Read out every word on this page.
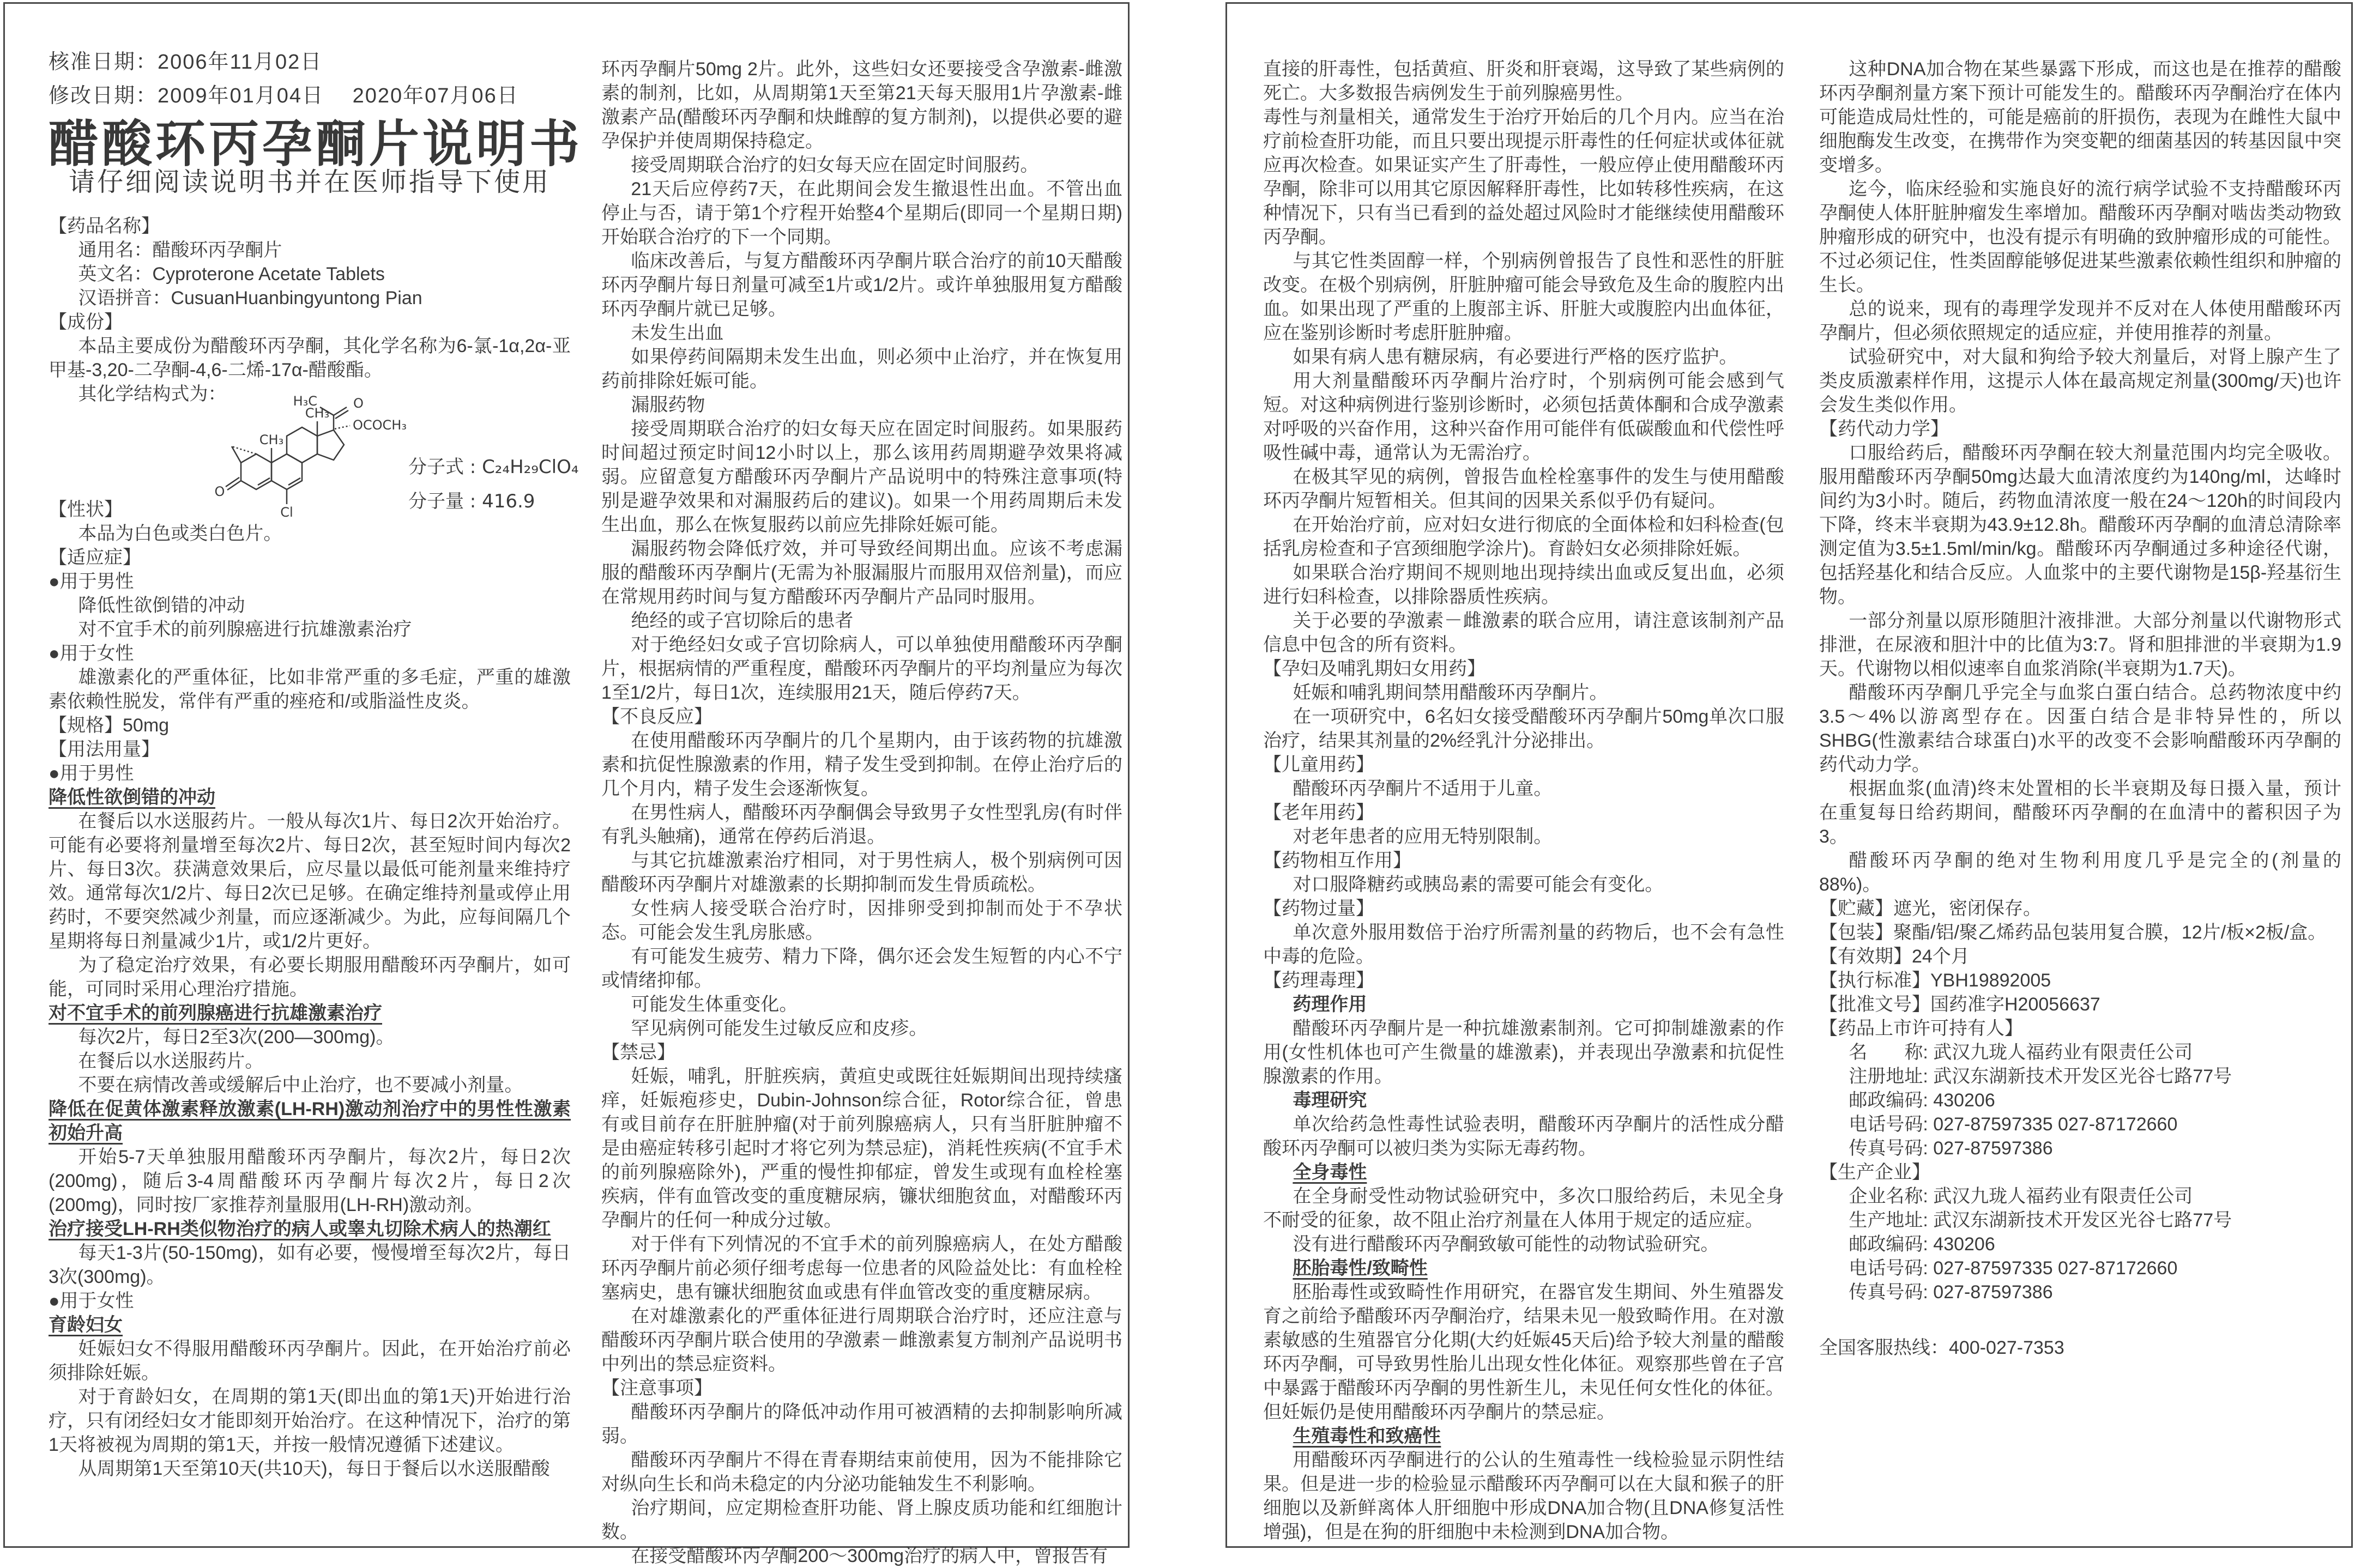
核准日期：2006年11月02日
修改日期：2009年01月04日　 2020年07月06日
醋酸环丙孕酮片说明书
请仔细阅读说明书并在医师指导下使用

【药品名称】

通用名：醋酸环丙孕酮片

英文名：Cyproterone Acetate Tablets

汉语拼音：CusuanHuanbingyuntong Pian

【成份】

本品主要成份为醋酸环丙孕酮，其化学名称为6-氯-1α,2α-亚甲基-3,20-二孕酮-4,6-二烯-17α-醋酸酯。

其化学结构式为：	H₃C
CH₃
CH₃
O
OCOCH₃
O
Cl
分子式 : C₂₄H₂₉ClO₄
分子量 : 416.9

【性状】

本品为白色或类白色片。

【适应症】

●用于男性

降低性欲倒错的冲动

对不宜手术的前列腺癌进行抗雄激素治疗

●用于女性

雄激素化的严重体征，比如非常严重的多毛症，严重的雄激素依赖性脱发，常伴有严重的痤疮和/或脂溢性皮炎。

【规格】50mg

【用法用量】

●用于男性

降低性欲倒错的冲动

在餐后以水送服药片。一般从每次1片、每日2次开始治疗。可能有必要将剂量增至每次2片、每日2次，甚至短时间内每次2片、每日3次。获满意效果后，应尽量以最低可能剂量来维持疗效。通常每次1/2片、每日2次已足够。在确定维持剂量或停止用药时，不要突然减少剂量，而应逐渐减少。为此，应每间隔几个星期将每日剂量减少1片，或1/2片更好。

为了稳定治疗效果，有必要长期服用醋酸环丙孕酮片，如可能，可同时采用心理治疗措施。

对不宜手术的前列腺癌进行抗雄激素治疗

每次2片，每日2至3次(200—300mg)。

在餐后以水送服药片。

不要在病情改善或缓解后中止治疗，也不要减小剂量。

降低在促黄体激素释放激素(LH-RH)激动剂治疗中的男性性激素初始升高

开始5-7天单独服用醋酸环丙孕酮片，每次2片，每日2次(200mg)，随后3-4周醋酸环丙孕酮片每次2片，每日2次(200mg)，同时按厂家推荐剂量服用(LH-RH)激动剂。

治疗接受LH-RH类似物治疗的病人或睾丸切除术病人的热潮红

每天1-3片(50-150mg)，如有必要，慢慢增至每次2片，每日3次(300mg)。

●用于女性

育龄妇女

妊娠妇女不得服用醋酸环丙孕酮片。因此，在开始治疗前必须排除妊娠。

对于育龄妇女，在周期的第1天(即出血的第1天)开始进行治疗，只有闭经妇女才能即刻开始治疗。在这种情况下，治疗的第1天将被视为周期的第1天，并按一般情况遵循下述建议。

从周期第1天至第10天(共10天)，每日于餐后以水送服醋酸

环丙孕酮片50mg 2片。此外，这些妇女还要接受含孕激素-雌激素的制剂，比如，从周期第1天至第21天每天服用1片孕激素-雌激素产品(醋酸环丙孕酮和炔雌醇的复方制剂)，以提供必要的避孕保护并使周期保持稳定。

接受周期联合治疗的妇女每天应在固定时间服药。

21天后应停药7天，在此期间会发生撤退性出血。不管出血停止与否，请于第1个疗程开始整4个星期后(即同一个星期日期)开始联合治疗的下一个同期。

临床改善后，与复方醋酸环丙孕酮片联合治疗的前10天醋酸环丙孕酮片每日剂量可减至1片或1/2片。或许单独服用复方醋酸环丙孕酮片就已足够。

未发生出血

如果停药间隔期未发生出血，则必须中止治疗，并在恢复用药前排除妊娠可能。

漏服药物

接受周期联合治疗的妇女每天应在固定时间服药。如果服药时间超过预定时间12小时以上，那么该用药周期避孕效果将减弱。应留意复方醋酸环丙孕酮片产品说明中的特殊注意事项(特别是避孕效果和对漏服药后的建议)。如果一个用药周期后未发生出血，那么在恢复服药以前应先排除妊娠可能。

漏服药物会降低疗效，并可导致经间期出血。应该不考虑漏服的醋酸环丙孕酮片(无需为补服漏服片而服用双倍剂量)，而应在常规用药时间与复方醋酸环丙孕酮片产品同时服用。

绝经的或子宫切除后的患者

对于绝经妇女或子宫切除病人，可以单独使用醋酸环丙孕酮片，根据病情的严重程度，醋酸环丙孕酮片的平均剂量应为每次1至1/2片，每日1次，连续服用21天，随后停药7天。

【不良反应】

在使用醋酸环丙孕酮片的几个星期内，由于该药物的抗雄激素和抗促性腺激素的作用，精子发生受到抑制。在停止治疗后的几个月内，精子发生会逐渐恢复。

在男性病人，醋酸环丙孕酮偶会导致男子女性型乳房(有时伴有乳头触痛)，通常在停药后消退。

与其它抗雄激素治疗相同，对于男性病人，极个别病例可因醋酸环丙孕酮片对雄激素的长期抑制而发生骨质疏松。

女性病人接受联合治疗时，因排卵受到抑制而处于不孕状态。可能会发生乳房胀感。

有可能发生疲劳、精力下降，偶尔还会发生短暂的内心不宁或情绪抑郁。

可能发生体重变化。

罕见病例可能发生过敏反应和皮疹。

【禁忌】

妊娠，哺乳，肝脏疾病，黄疸史或既往妊娠期间出现持续瘙痒，妊娠疱疹史，Dubin-Johnson综合征，Rotor综合征，曾患有或目前存在肝脏肿瘤(对于前列腺癌病人，只有当肝脏肿瘤不是由癌症转移引起时才将它列为禁忌症)，消耗性疾病(不宜手术的前列腺癌除外)，严重的慢性抑郁症，曾发生或现有血栓栓塞疾病，伴有血管改变的重度糖尿病，镰状细胞贫血，对醋酸环丙孕酮片的任何一种成分过敏。

对于伴有下列情况的不宜手术的前列腺癌病人，在处方醋酸环丙孕酮片前必须仔细考虑每一位患者的风险益处比：有血栓栓塞病史，患有镰状细胞贫血或患有伴血管改变的重度糖尿病。

在对雄激素化的严重体征进行周期联合治疗时，还应注意与醋酸环丙孕酮片联合使用的孕激素－雌激素复方制剂产品说明书中列出的禁忌症资料。

【注意事项】

醋酸环丙孕酮片的降低冲动作用可被酒精的去抑制影响所减弱。

醋酸环丙孕酮片不得在青春期结束前使用，因为不能排除它对纵向生长和尚未稳定的内分泌功能轴发生不利影响。

治疗期间，应定期检查肝功能、肾上腺皮质功能和红细胞计数。

在接受醋酸环丙孕酮200～300mg治疗的病人中，曾报告有

直接的肝毒性，包括黄疸、肝炎和肝衰竭，这导致了某些病例的死亡。大多数报告病例发生于前列腺癌男性。

毒性与剂量相关，通常发生于治疗开始后的几个月内。应当在治疗前检查肝功能，而且只要出现提示肝毒性的任何症状或体征就应再次检查。如果证实产生了肝毒性，一般应停止使用醋酸环丙孕酮，除非可以用其它原因解释肝毒性，比如转移性疾病，在这种情况下，只有当已看到的益处超过风险时才能继续使用醋酸环丙孕酮。

与其它性类固醇一样，个别病例曾报告了良性和恶性的肝脏改变。在极个别病例，肝脏肿瘤可能会导致危及生命的腹腔内出血。如果出现了严重的上腹部主诉、肝脏大或腹腔内出血体征，应在鉴别诊断时考虑肝脏肿瘤。

如果有病人患有糖尿病，有必要进行严格的医疗监护。

用大剂量醋酸环丙孕酮片治疗时，个别病例可能会感到气短。对这种病例进行鉴别诊断时，必须包括黄体酮和合成孕激素对呼吸的兴奋作用，这种兴奋作用可能伴有低碳酸血和代偿性呼吸性碱中毒，通常认为无需治疗。

在极其罕见的病例，曾报告血栓栓塞事件的发生与使用醋酸环丙孕酮片短暂相关。但其间的因果关系似乎仍有疑问。

在开始治疗前，应对妇女进行彻底的全面体检和妇科检查(包括乳房检查和子宫颈细胞学涂片)。育龄妇女必须排除妊娠。

如果联合治疗期间不规则地出现持续出血或反复出血，必须进行妇科检查，以排除器质性疾病。

关于必要的孕激素－雌激素的联合应用，请注意该制剂产品信息中包含的所有资料。

【孕妇及哺乳期妇女用药】

妊娠和哺乳期间禁用醋酸环丙孕酮片。

在一项研究中，6名妇女接受醋酸环丙孕酮片50mg单次口服治疗，结果其剂量的2%经乳汁分泌排出。

【儿童用药】

醋酸环丙孕酮片不适用于儿童。

【老年用药】

对老年患者的应用无特别限制。

【药物相互作用】

对口服降糖药或胰岛素的需要可能会有变化。

【药物过量】

单次意外服用数倍于治疗所需剂量的药物后，也不会有急性中毒的危险。

【药理毒理】

药理作用

醋酸环丙孕酮片是一种抗雄激素制剂。它可抑制雄激素的作用(女性机体也可产生微量的雄激素)，并表现出孕激素和抗促性腺激素的作用。

毒理研究

单次给药急性毒性试验表明，醋酸环丙孕酮片的活性成分醋酸环丙孕酮可以被归类为实际无毒药物。

全身毒性

在全身耐受性动物试验研究中，多次口服给药后，未见全身不耐受的征象，故不阻止治疗剂量在人体用于规定的适应症。

没有进行醋酸环丙孕酮致敏可能性的动物试验研究。

胚胎毒性/致畸性

胚胎毒性或致畸性作用研究，在器官发生期间、外生殖器发育之前给予醋酸环丙孕酮治疗，结果未见一般致畸作用。在对激素敏感的生殖器官分化期(大约妊娠45天后)给予较大剂量的醋酸环丙孕酮，可导致男性胎儿出现女性化体征。观察那些曾在子宫中暴露于醋酸环丙孕酮的男性新生儿，未见任何女性化的体征。但妊娠仍是使用醋酸环丙孕酮片的禁忌症。

生殖毒性和致癌性

用醋酸环丙孕酮进行的公认的生殖毒性一线检验显示阴性结果。但是进一步的检验显示醋酸环丙孕酮可以在大鼠和猴子的肝细胞以及新鲜离体人肝细胞中形成DNA加合物(且DNA修复活性增强)，但是在狗的肝细胞中未检测到DNA加合物。

这种DNA加合物在某些暴露下形成，而这也是在推荐的醋酸环丙孕酮剂量方案下预计可能发生的。醋酸环丙孕酮治疗在体内可能造成局灶性的，可能是癌前的肝损伤，表现为在雌性大鼠中细胞酶发生改变，在携带作为突变靶的细菌基因的转基因鼠中突变增多。

迄今，临床经验和实施良好的流行病学试验不支持醋酸环丙孕酮使人体肝脏肿瘤发生率增加。醋酸环丙孕酮对啮齿类动物致肿瘤形成的研究中，也没有提示有明确的致肿瘤形成的可能性。不过必须记住，性类固醇能够促进某些激素依赖性组织和肿瘤的生长。

总的说来，现有的毒理学发现并不反对在人体使用醋酸环丙孕酮片，但必须依照规定的适应症，并使用推荐的剂量。

试验研究中，对大鼠和狗给予较大剂量后，对肾上腺产生了类皮质激素样作用，这提示人体在最高规定剂量(300mg/天)也许会发生类似作用。

【药代动力学】

口服给药后，醋酸环丙孕酮在较大剂量范围内均完全吸收。服用醋酸环丙孕酮50mg达最大血清浓度约为140ng/ml，达峰时间约为3小时。随后，药物血清浓度一般在24～120h的时间段内下降，终末半衰期为43.9±12.8h。醋酸环丙孕酮的血清总清除率测定值为3.5±1.5ml/min/kg。醋酸环丙孕酮通过多种途径代谢，包括羟基化和结合反应。人血浆中的主要代谢物是15β-羟基衍生物。

一部分剂量以原形随胆汁液排泄。大部分剂量以代谢物形式排泄，在尿液和胆汁中的比值为3:7。肾和胆排泄的半衰期为1.9天。代谢物以相似速率自血浆消除(半衰期为1.7天)。

醋酸环丙孕酮几乎完全与血浆白蛋白结合。总药物浓度中约3.5～4%以游离型存在。因蛋白结合是非特异性的，所以SHBG(性激素结合球蛋白)水平的改变不会影响醋酸环丙孕酮的药代动力学。

根据血浆(血清)终末处置相的长半衰期及每日摄入量，预计在重复每日给药期间，醋酸环丙孕酮的在血清中的蓄积因子为3。

醋酸环丙孕酮的绝对生物利用度几乎是完全的(剂量的88%)。

【贮藏】遮光，密闭保存。

【包装】聚酯/铝/聚乙烯药品包装用复合膜，12片/板×2板/盒。

【有效期】24个月

【执行标准】YBH19892005

【批准文号】国药准字H20056637

【药品上市许可持有人】

名　　称: 武汉九珑人福药业有限责任公司

注册地址: 武汉东湖新技术开发区光谷七路77号

邮政编码: 430206

电话号码: 027-87597335 027-87172660

传真号码: 027-87597386

【生产企业】

企业名称: 武汉九珑人福药业有限责任公司

生产地址: 武汉东湖新技术开发区光谷七路77号

邮政编码: 430206

电话号码: 027-87597335 027-87172660

传真号码: 027-87597386

全国客服热线：400-027-7353
